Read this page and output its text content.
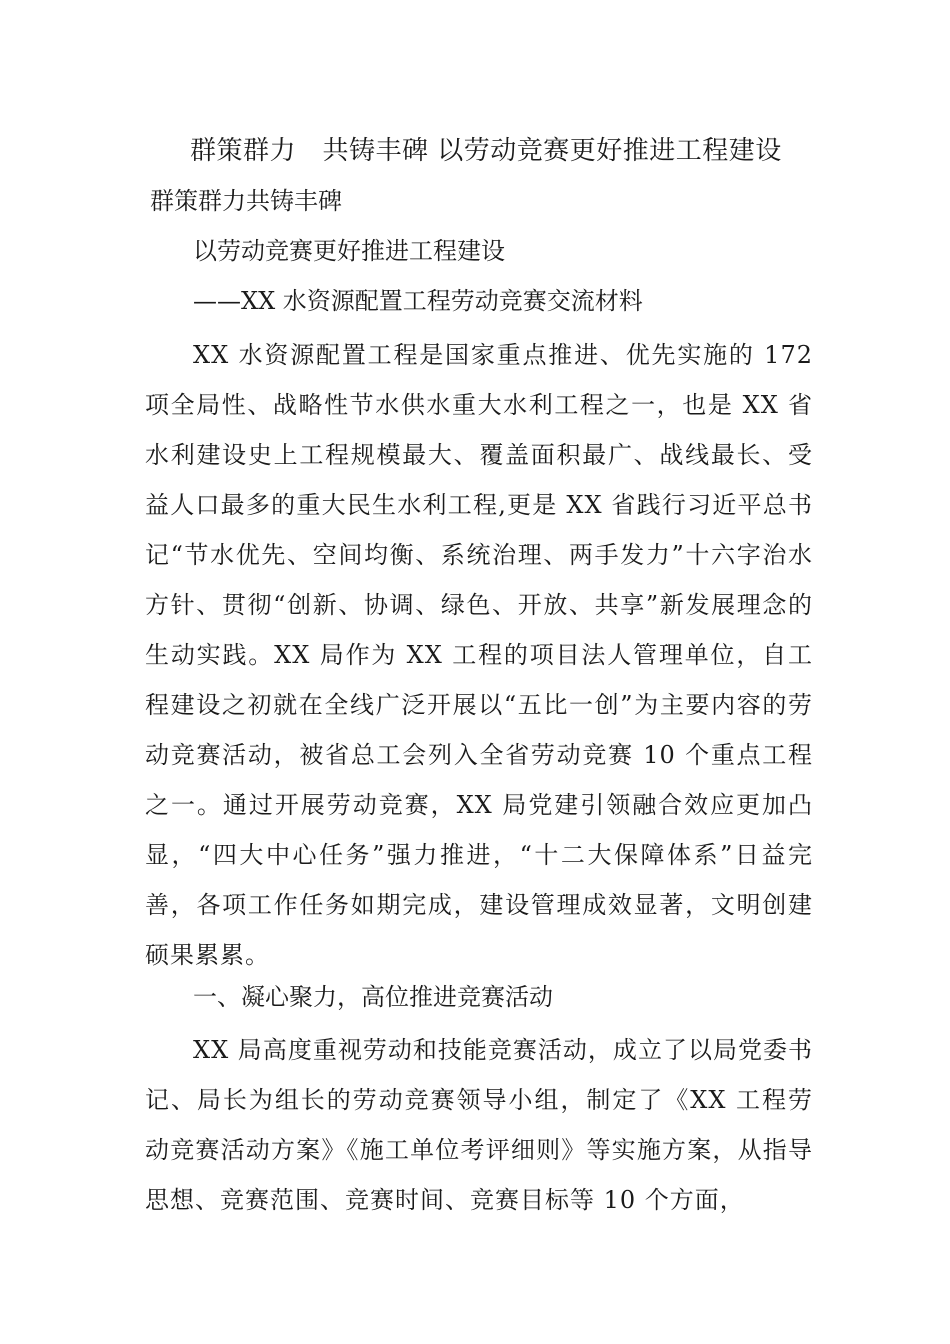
群策群力　共铸丰碑 以劳动竞赛更好推进工程建设
群策群力共铸丰碑
以劳动竞赛更好推进工程建设
——XX 水资源配置工程劳动竞赛交流材料

XX 水资源配置工程是国家重点推进、优先实施的 172 项全局性、战略性节水供水重大水利工程之一，也是 XX 省水利建设史上工程规模最大、覆盖面积最广、战线最长、受益人口最多的重大民生水利工程,更是 XX 省践行习近平总书记“节水优先、空间均衡、系统治理、两手发力”十六字治水方针、贯彻“创新、协调、绿色、开放、共享”新发展理念的生动实践。XX 局作为 XX 工程的项目法人管理单位，自工程建设之初就在全线广泛开展以“五比一创”为主要内容的劳动竞赛活动，被省总工会列入全省劳动竞赛 10 个重点工程之一。通过开展劳动竞赛，XX 局党建引领融合效应更加凸显，“四大中心任务”强力推进，“十二大保障体系”日益完善，各项工作任务如期完成，建设管理成效显著，文明创建硕果累累。

一、凝心聚力，高位推进竞赛活动

XX 局高度重视劳动和技能竞赛活动，成立了以局党委书记、局长为组长的劳动竞赛领导小组，制定了《XX 工程劳动竞赛活动方案》《施工单位考评细则》等实施方案，从指导思想、竞赛范围、竞赛时间、竞赛目标等 10 个方面，
